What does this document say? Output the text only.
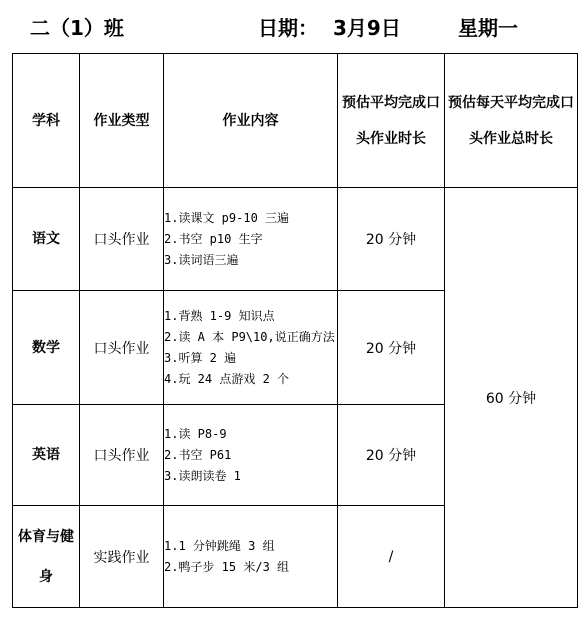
二（1）班	日期： 3月9日	星期一
学科	作业类型	作业内容	预估平均完成口头作业时长	预估每天平均完成口头作业总时长
语文	口头作业	1.读课文 p9-10 三遍
2.书空 p10 生字
3.读词语三遍	20 分钟	60 分钟
数学	口头作业	1.背熟 1-9 知识点
2.读 A 本 P9\10,说正确方法
3.听算 2 遍
4.玩 24 点游戏 2 个	20 分钟	
英语	口头作业	1.读 P8-9
2.书空 P61
3.读朗读卷 1	20 分钟	
体育与健身	实践作业	1.1 分钟跳绳 3 组
2.鸭子步 15 米/3 组	/	
